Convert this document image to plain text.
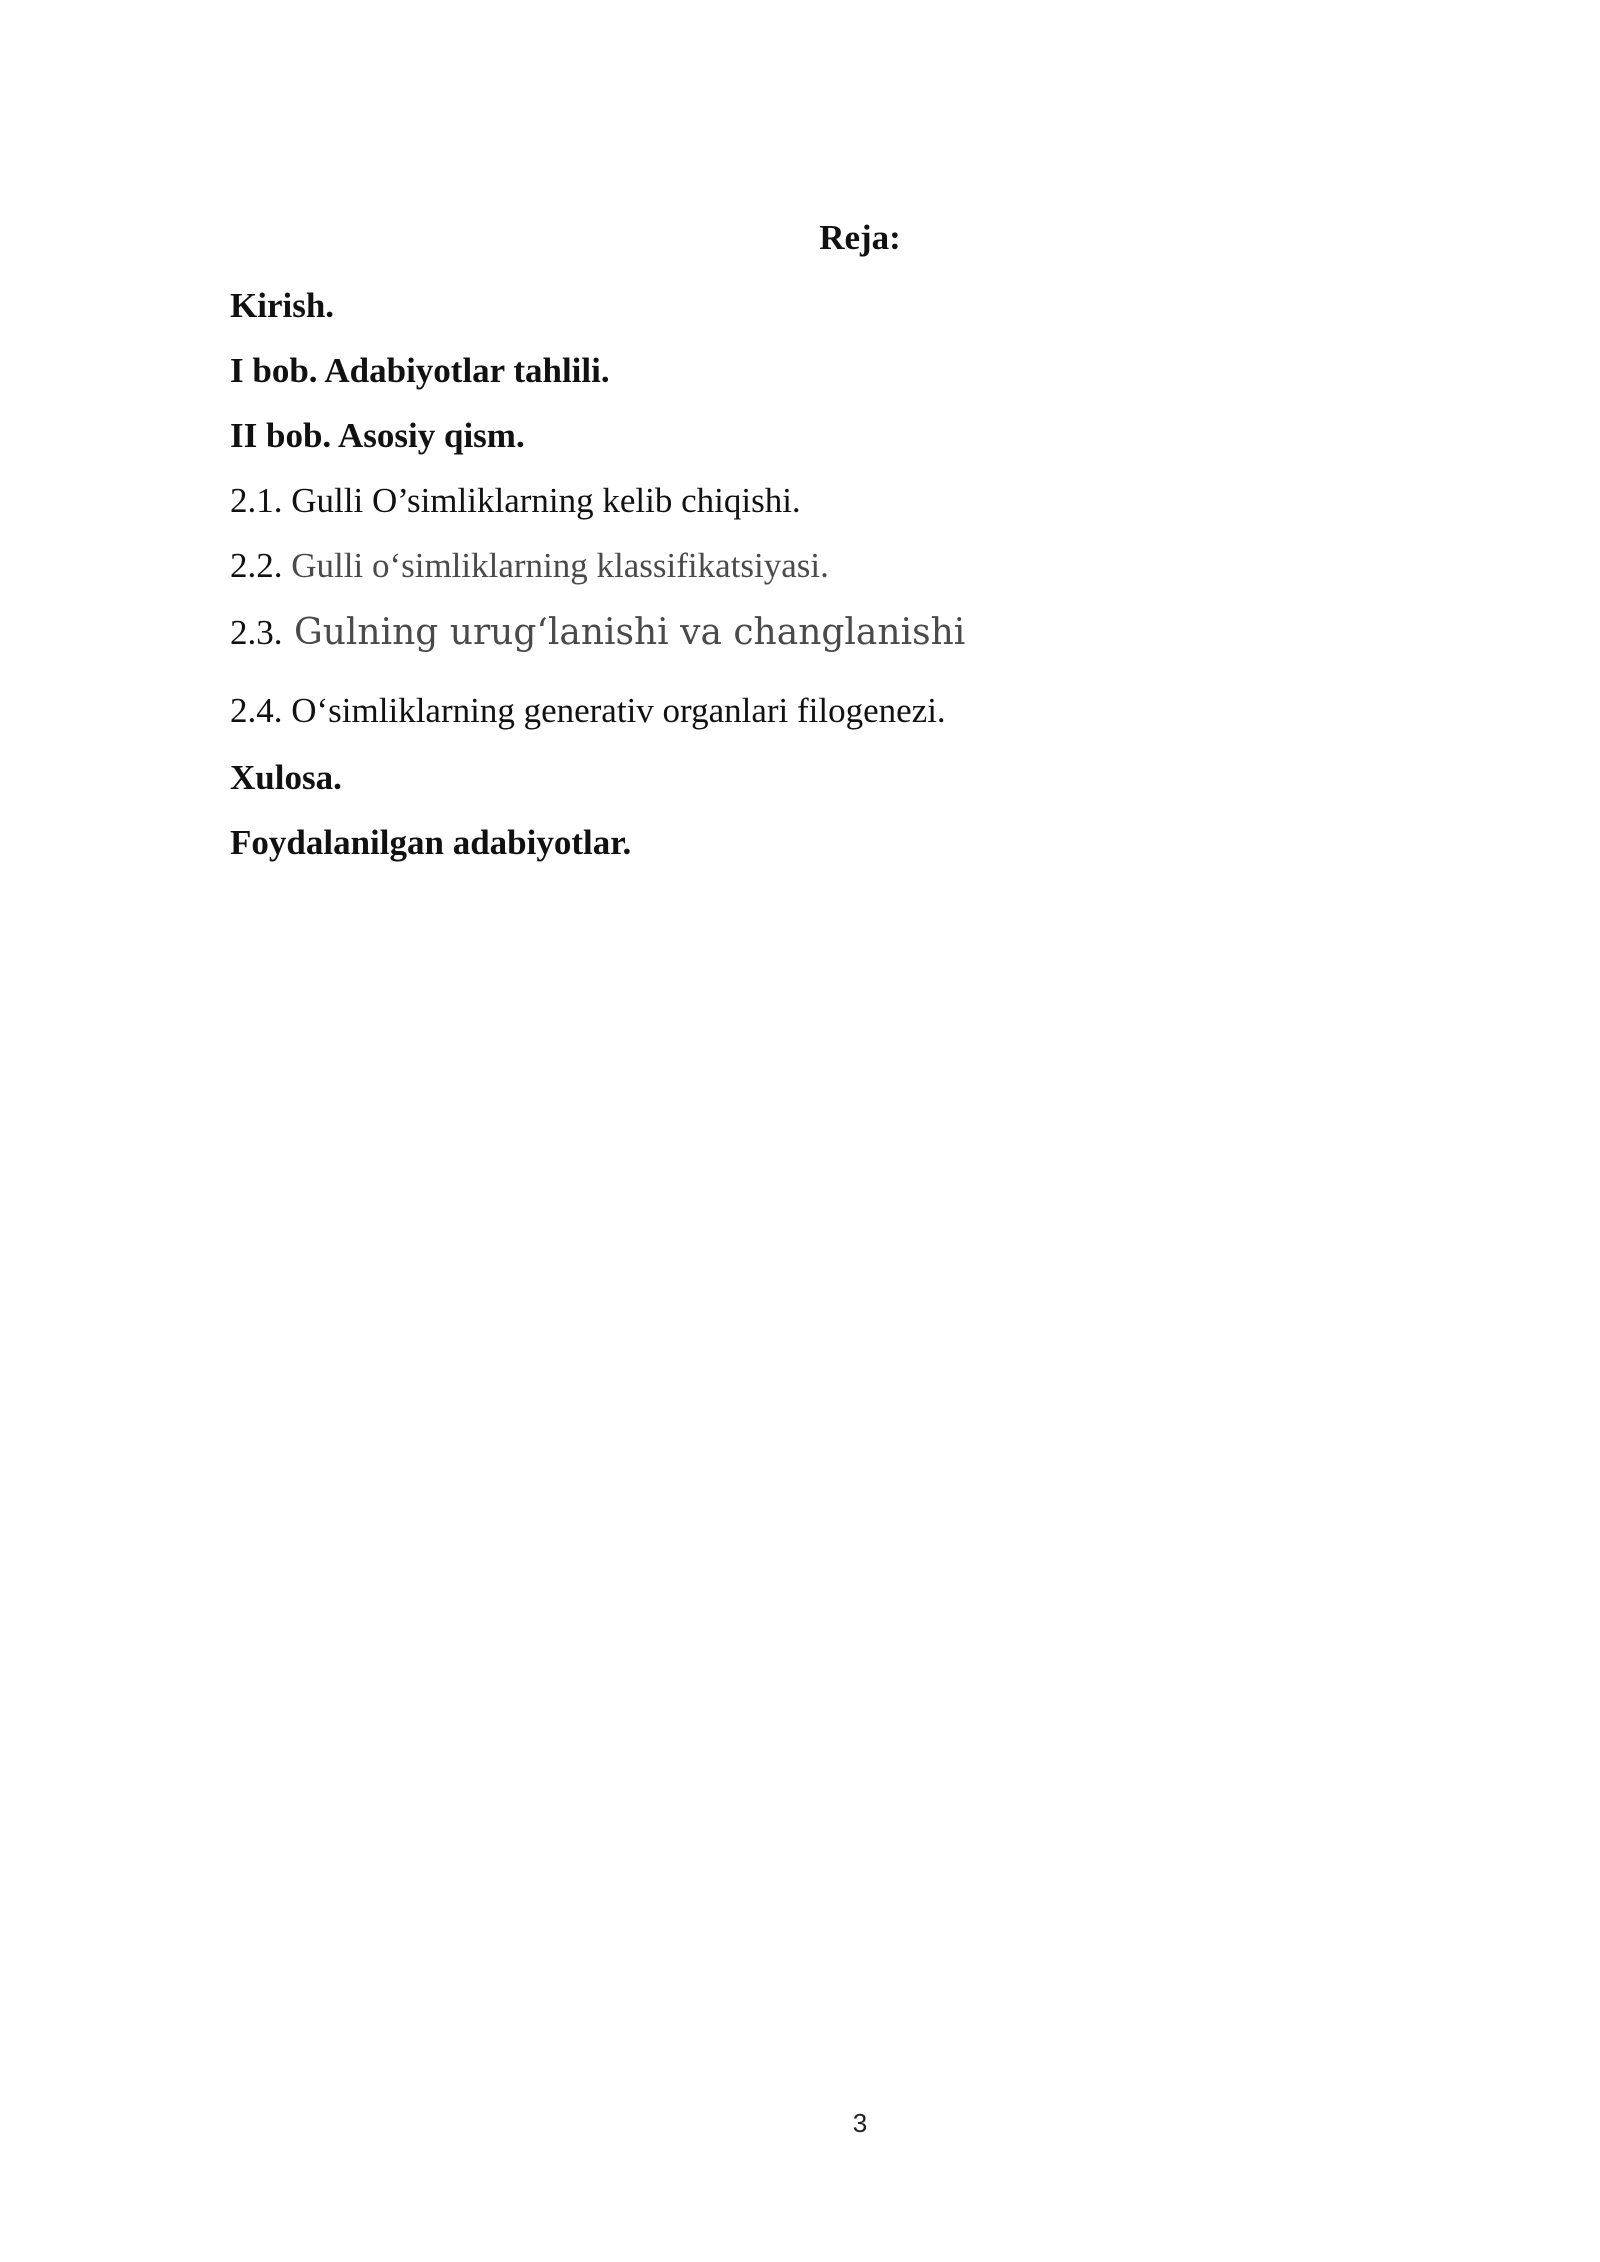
Reja:
Kirish.
I bob. Adabiyotlar tahlili.
II bob. Asosiy qism.
2.1. Gulli O’simliklarning kelib chiqishi.
2.2. Gulli o‘simliklarning klassifikatsiyasi.
2.3. Gulning urug‘lanishi va changlanishi
2.4. O‘simliklarning generativ organlari filogenezi.
Xulosa.
Foydalanilgan adabiyotlar.
3
